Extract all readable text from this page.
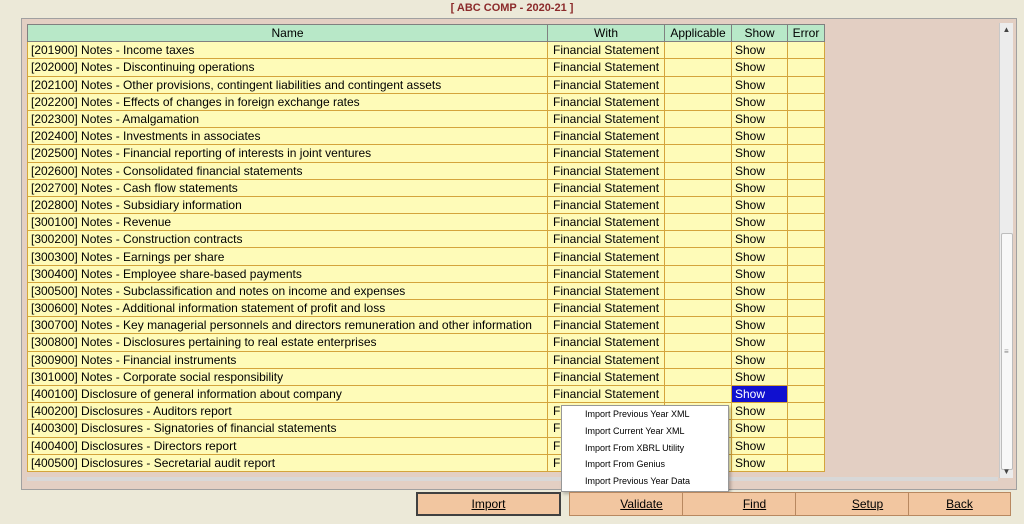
[ ABC COMP - 2020-21 ]
Name	With	Applicable	Show	Error
[201900] Notes - Income taxes	Financial Statement		Show	
[202000] Notes - Discontinuing operations	Financial Statement		Show	
[202100] Notes - Other provisions, contingent liabilities and contingent assets	Financial Statement		Show	
[202200] Notes - Effects of changes in foreign exchange rates	Financial Statement		Show	
[202300] Notes - Amalgamation	Financial Statement		Show	
[202400] Notes - Investments in associates	Financial Statement		Show	
[202500] Notes - Financial reporting of interests in joint ventures	Financial Statement		Show	
[202600] Notes - Consolidated financial statements	Financial Statement		Show	
[202700] Notes - Cash flow statements	Financial Statement		Show	
[202800] Notes - Subsidiary information	Financial Statement		Show	
[300100] Notes - Revenue	Financial Statement		Show	
[300200] Notes - Construction contracts	Financial Statement		Show	
[300300] Notes - Earnings per share	Financial Statement		Show	
[300400] Notes - Employee share-based payments	Financial Statement		Show	
[300500] Notes - Subclassification and notes on income and expenses	Financial Statement		Show	
[300600] Notes - Additional information statement of profit and loss	Financial Statement		Show	
[300700] Notes - Key managerial personnels and directors remuneration and other information	Financial Statement		Show	
[300800] Notes - Disclosures pertaining to real estate enterprises	Financial Statement		Show	
[300900] Notes - Financial instruments	Financial Statement		Show	
[301000] Notes - Corporate social responsibility	Financial Statement		Show	
[400100] Disclosure of general information about company	Financial Statement		Show	
[400200] Disclosures - Auditors report	F		Show	
[400300] Disclosures - Signatories of financial statements	F		Show	
[400400] Disclosures - Directors report	F		Show	
[400500] Disclosures - Secretarial audit report	F		Show	
▲
≡
▼
Import Previous Year XML
Import Current Year XML
Import From XBRL Utility
Import From Genius
Import Previous Year Data
Import	Validate	Find	Setup	Back
